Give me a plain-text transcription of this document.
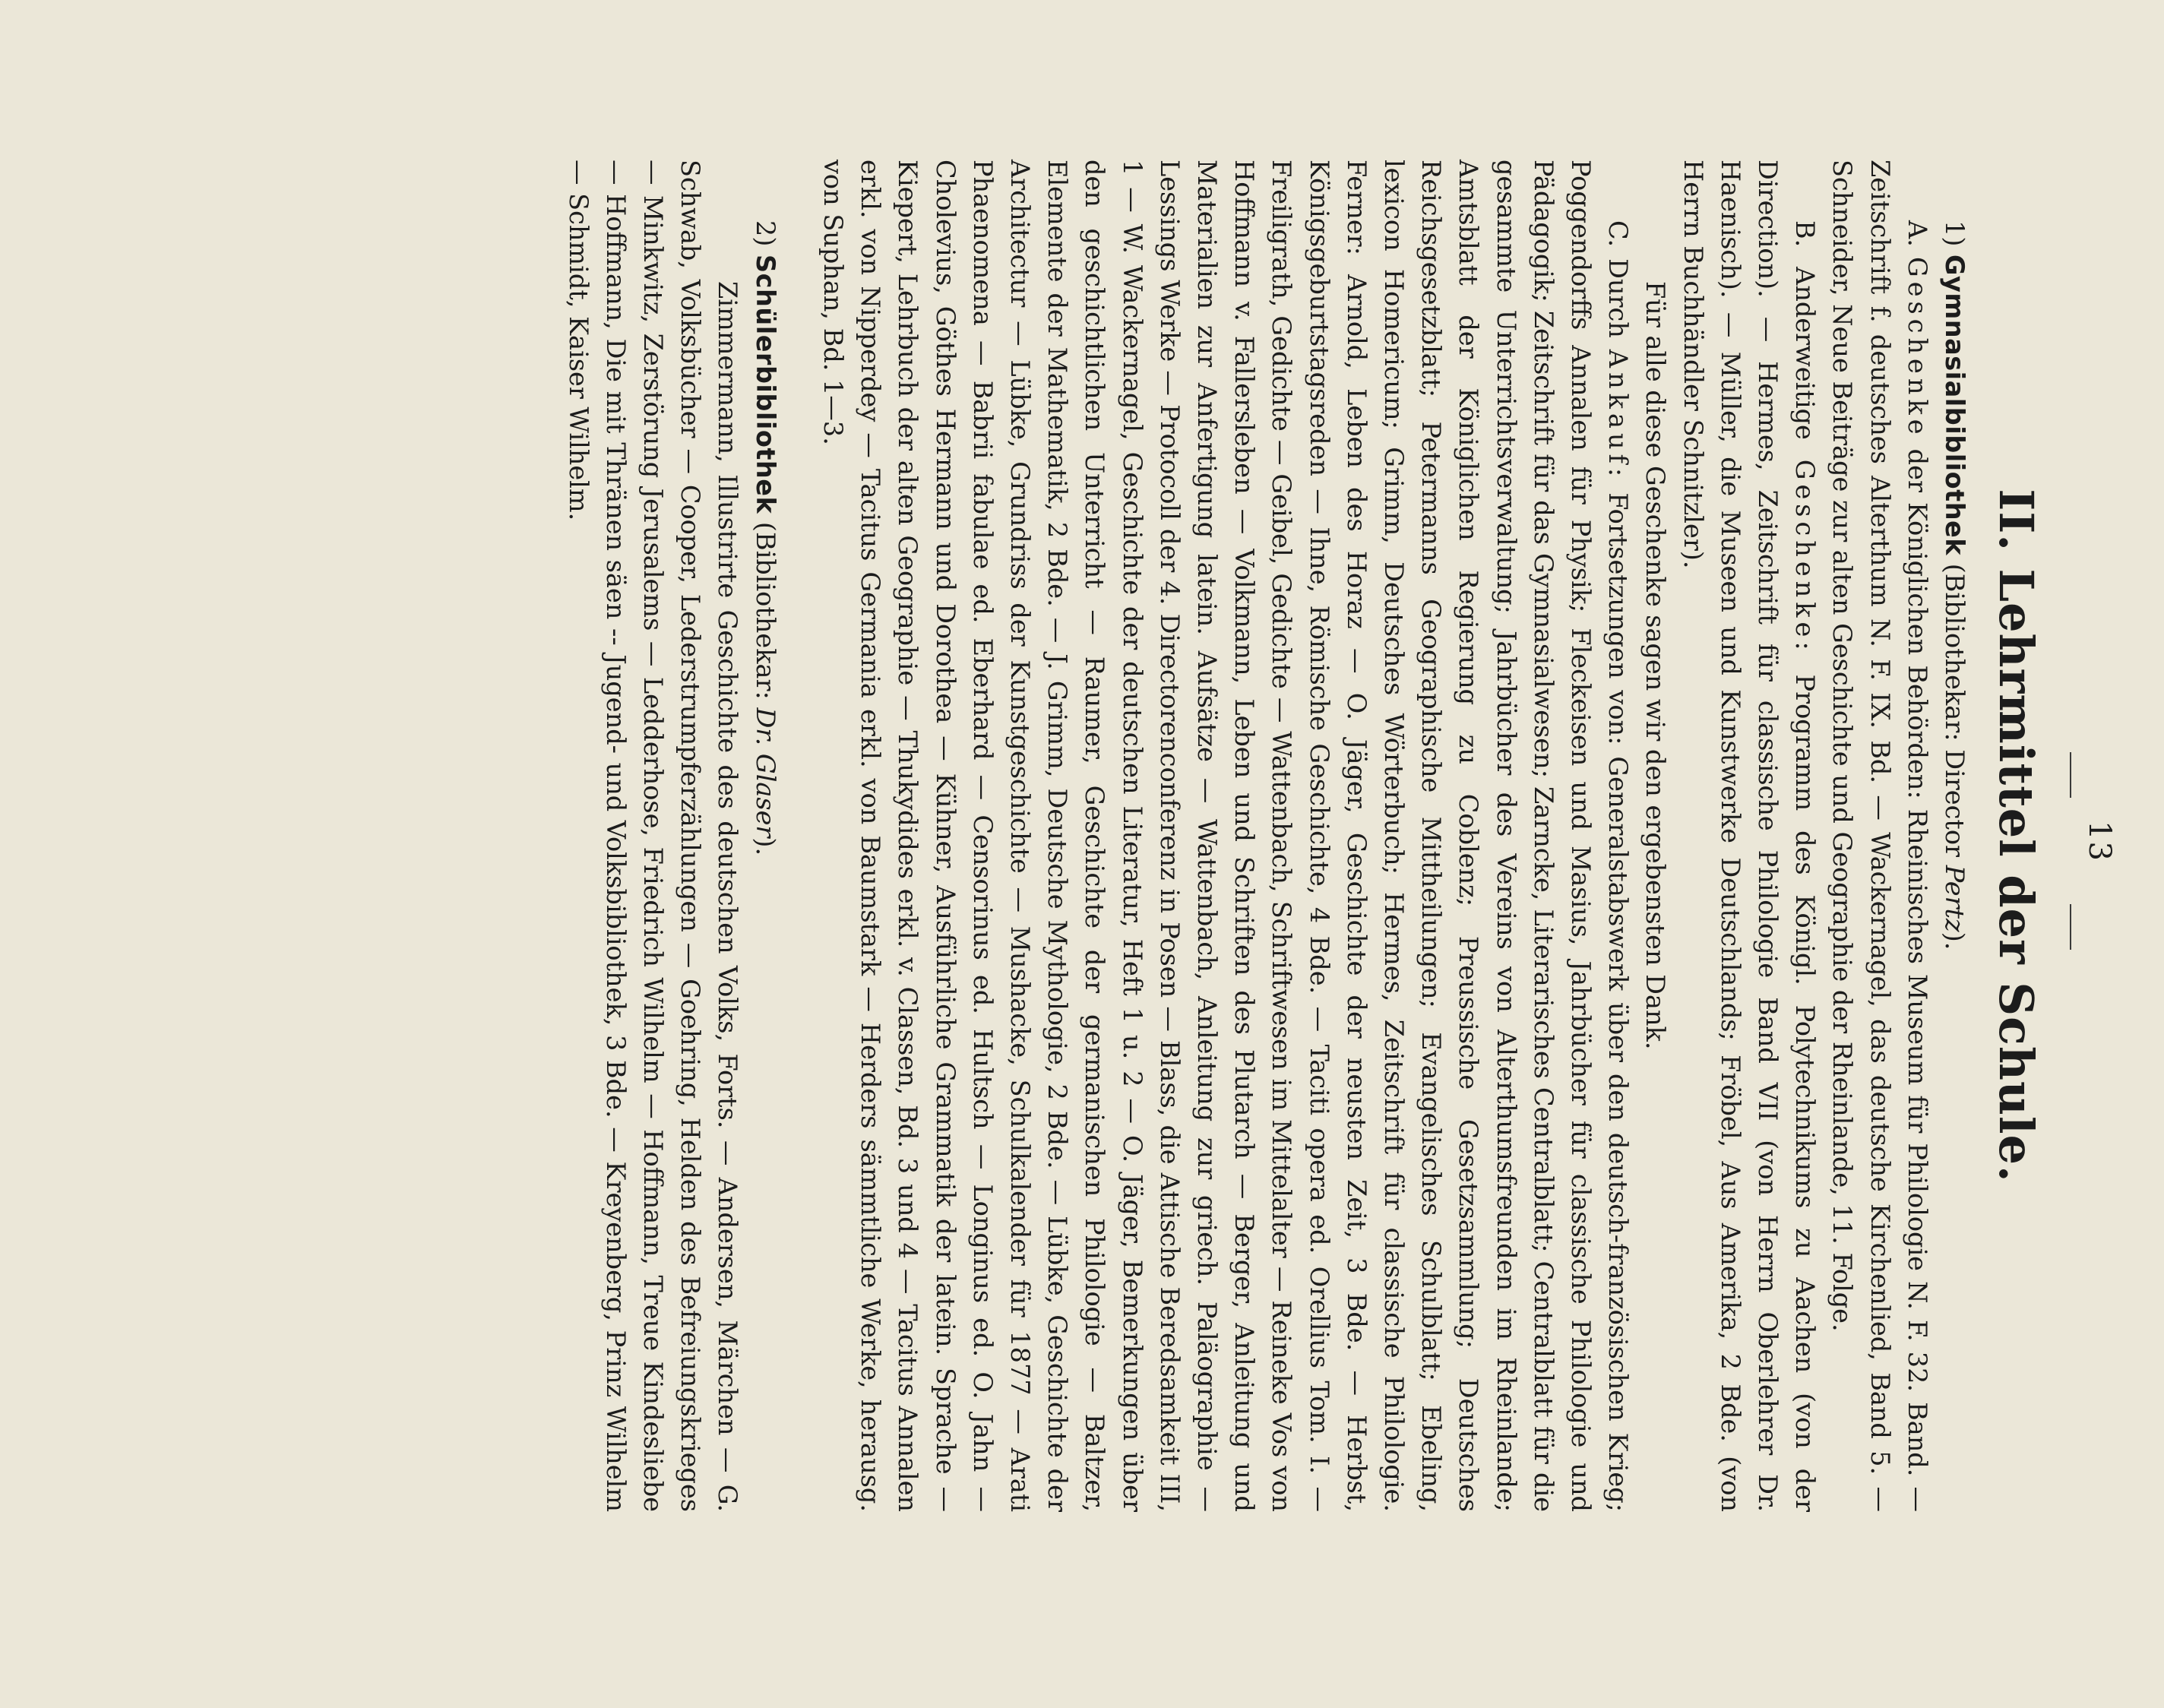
13
II. Lehrmittel der Schule.
1) Gymnasialbibliothek (Bibliothekar: Director Pertz).

A. Geschenke der Königlichen Behörden: Rheinisches Museum für Philologie N. F. 32. Band. — Zeitschrift f. deutsches Alterthum N. F. IX. Bd. — Wackernagel, das deutsche Kirchenlied, Band 5. — Schneider, Neue Beiträge zur alten Geschichte und Geographie der Rheinlande, 11. Folge.

B. Anderweitige Geschenke: Programm des Königl. Polytechnikums zu Aachen (von der Direction). — Hermes, Zeitschrift für classische Philologie Band VII (von Herrn Oberlehrer Dr. Haenisch). — Müller, die Museen und Kunstwerke Deutschlands; Fröbel, Aus Amerika, 2 Bde. (von Herrn Buchhändler Schnitzler).

Für alle diese Geschenke sagen wir den ergebensten Dank.

C. Durch Ankauf: Fortsetzungen von: Generalstabswerk über den deutsch-französischen Krieg; Poggendorffs Annalen für Physik; Fleckeisen und Masius, Jahrbücher für classische Philologie und Pädagogik; Zeitschrift für das Gymnasialwesen; Zarncke, Literarisches Centralblatt; Centralblatt für die gesammte Unterrichtsverwaltung; Jahrbücher des Vereins von Alterthumsfreunden im Rheinlande; Amtsblatt der Königlichen Regierung zu Coblenz; Preussische Gesetzsammlung; Deutsches Reichsgesetzblatt; Petermanns Geographische Mittheilungen; Evangelisches Schulblatt; Ebeling, lexicon Homericum; Grimm, Deutsches Wörterbuch; Hermes, Zeitschrift für classische Philologie. Ferner: Arnold, Leben des Horaz — O. Jäger, Geschichte der neusten Zeit, 3 Bde. — Herbst, Königsgeburtstagsreden — Ihne, Römische Geschichte, 4 Bde. — Taciti opera ed. Orellius Tom. I. — Freiligrath, Gedichte — Geibel, Gedichte — Wattenbach, Schriftwesen im Mittelalter — Reineke Vos von Hoffmann v. Fallersleben — Volkmann, Leben und Schriften des Plutarch — Berger, Anleitung und Materialien zur Anfertigung latein. Aufsätze — Wattenbach, Anleitung zur griech. Paläographie — Lessings Werke — Protocoll der 4. Directorenconferenz in Posen — Blass, die Attische Beredsamkeit III, 1 — W. Wackernagel, Geschichte der deutschen Literatur, Heft 1 u. 2 — O. Jäger, Bemerkungen über den geschichtlichen Unterricht — Raumer, Geschichte der germanischen Philologie — Baltzer, Elemente der Mathematik, 2 Bde. — J. Grimm, Deutsche Mythologie, 2 Bde. — Lübke, Geschichte der Architectur — Lübke, Grundriss der Kunstgeschichte — Mushacke, Schulkalender für 1877 — Arati Phaenomena — Babrii fabulae ed. Eberhard — Censorinus ed. Hultsch — Longinus ed. O. Jahn — Cholevius, Göthes Hermann und Dorothea — Kühner, Ausführliche Grammatik der latein. Sprache — Kiepert, Lehrbuch der alten Geographie — Thukydides erkl. v. Classen, Bd. 3 und 4 — Tacitus Annalen erkl. von Nipperdey — Tacitus Germania erkl. von Baumstark — Herders sämmtliche Werke, herausg. von Suphan, Bd. 1—3.

2) Schülerbibliothek (Bibliothekar: Dr. Glaser).

Zimmermann, Illustrirte Geschichte des deutschen Volks, Forts. — Andersen, Märchen — G. Schwab, Volksbücher — Cooper, Lederstrumpferzählungen — Goehring, Helden des Befreiungskrieges — Minkwitz, Zerstörung Jerusalems — Ledderhose, Friedrich Wilhelm — Hoffmann, Treue Kindesliebe — Hoffmann, Die mit Thränen säen -- Jugend- und Volksbibliothek, 3 Bde. — Kreyenberg, Prinz Wilhelm — Schmidt, Kaiser Wilhelm.
